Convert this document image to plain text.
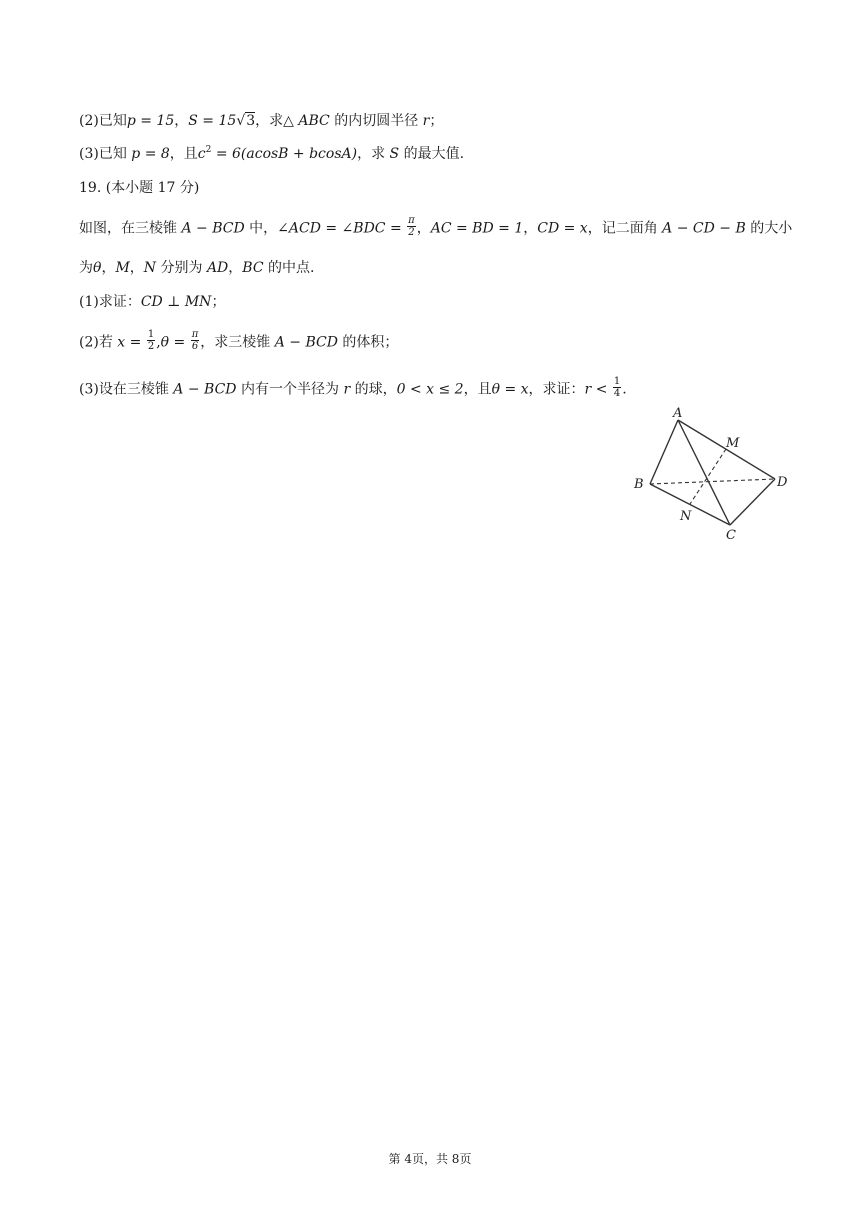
(2)已知p = 15，S = 15√3，求△ ABC 的内切圆半径 r；
(3)已知 p = 8，且$c^2 = 6(acosB + bcosA)$，求 S 的最大值.
19. (本小题 17 分)
如图，在三棱锥 A − BCD 中，∠ACD = ∠BDC = $\frac{\pi}{2}$ ，AC = BD = 1，CD = x，记二面角 A − CD − B 的大小
为θ，M，N 分别为 AD，BC 的中点.
(1)求证：CD ⊥ MN；
(2)若 $x = \frac{1}{2} ,\theta = \frac{\pi}{6}$ ，求三棱锥 A − BCD 的体积；
(3)设在三棱锥 A − BCD 内有一个半径为 r 的球，0 < x ≤ 2，且θ = x，求证：$r < \frac{1}{4}$ .
A
B
C
D
M
N
第 4页，共 8页
